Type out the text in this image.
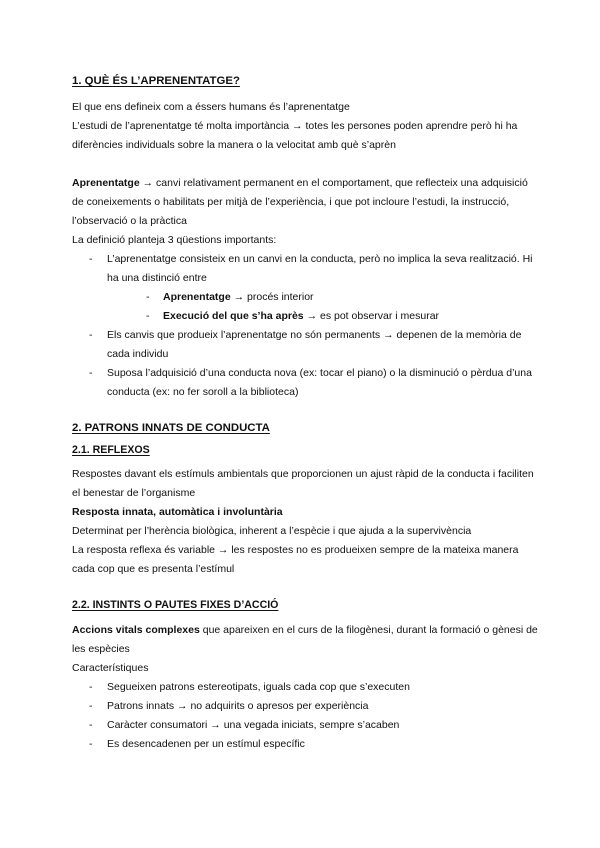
1. QUÈ ÉS L’APRENENTATGE?

El que ens defineix com a éssers humans és l’aprenentatge

L’estudi de l’aprenentatge té molta importància → totes les persones poden aprendre però hi ha diferències individuals sobre la manera o la velocitat amb què s’aprèn

Aprenentatge → canvi relativament permanent en el comportament, que reflecteix una adquisició de coneixements o habilitats per mitjà de l’experiència, i que pot incloure l’estudi, la instrucció, l’observació o la pràctica

La definició planteja 3 qüestions importants:

- L’aprenentatge consisteix en un canvi en la conducta, però no implica la seva realització. Hi ha una distinció entre
- Aprenentatge → procés interior
- Execució del que s’ha après → es pot observar i mesurar
- Els canvis que produeix l’aprenentatge no són permanents → depenen de la memòria de cada individu
- Suposa l’adquisició d’una conducta nova (ex: tocar el piano) o la disminució o pèrdua d’una conducta (ex: no fer soroll a la biblioteca)
2. PATRONS INNATS DE CONDUCTA
2.1. REFLEXOS

Respostes davant els estímuls ambientals que proporcionen un ajust ràpid de la conducta i faciliten el benestar de l’organisme

Resposta innata, automàtica i involuntària

Determinat per l’herència biològica, inherent a l’espècie i que ajuda a la supervivència

La resposta reflexa és variable → les respostes no es produeixen sempre de la mateixa manera cada cop que es presenta l’estímul

2.2. INSTINTS O PAUTES FIXES D’ACCIÓ

Accions vitals complexes que apareixen en el curs de la filogènesi, durant la formació o gènesi de les espècies

Característiques

- Segueixen patrons estereotipats, iguals cada cop que s’executen
- Patrons innats → no adquirits o apresos per experiència
- Caràcter consumatori → una vegada iniciats, sempre s’acaben
- Es desencadenen per un estímul específic
